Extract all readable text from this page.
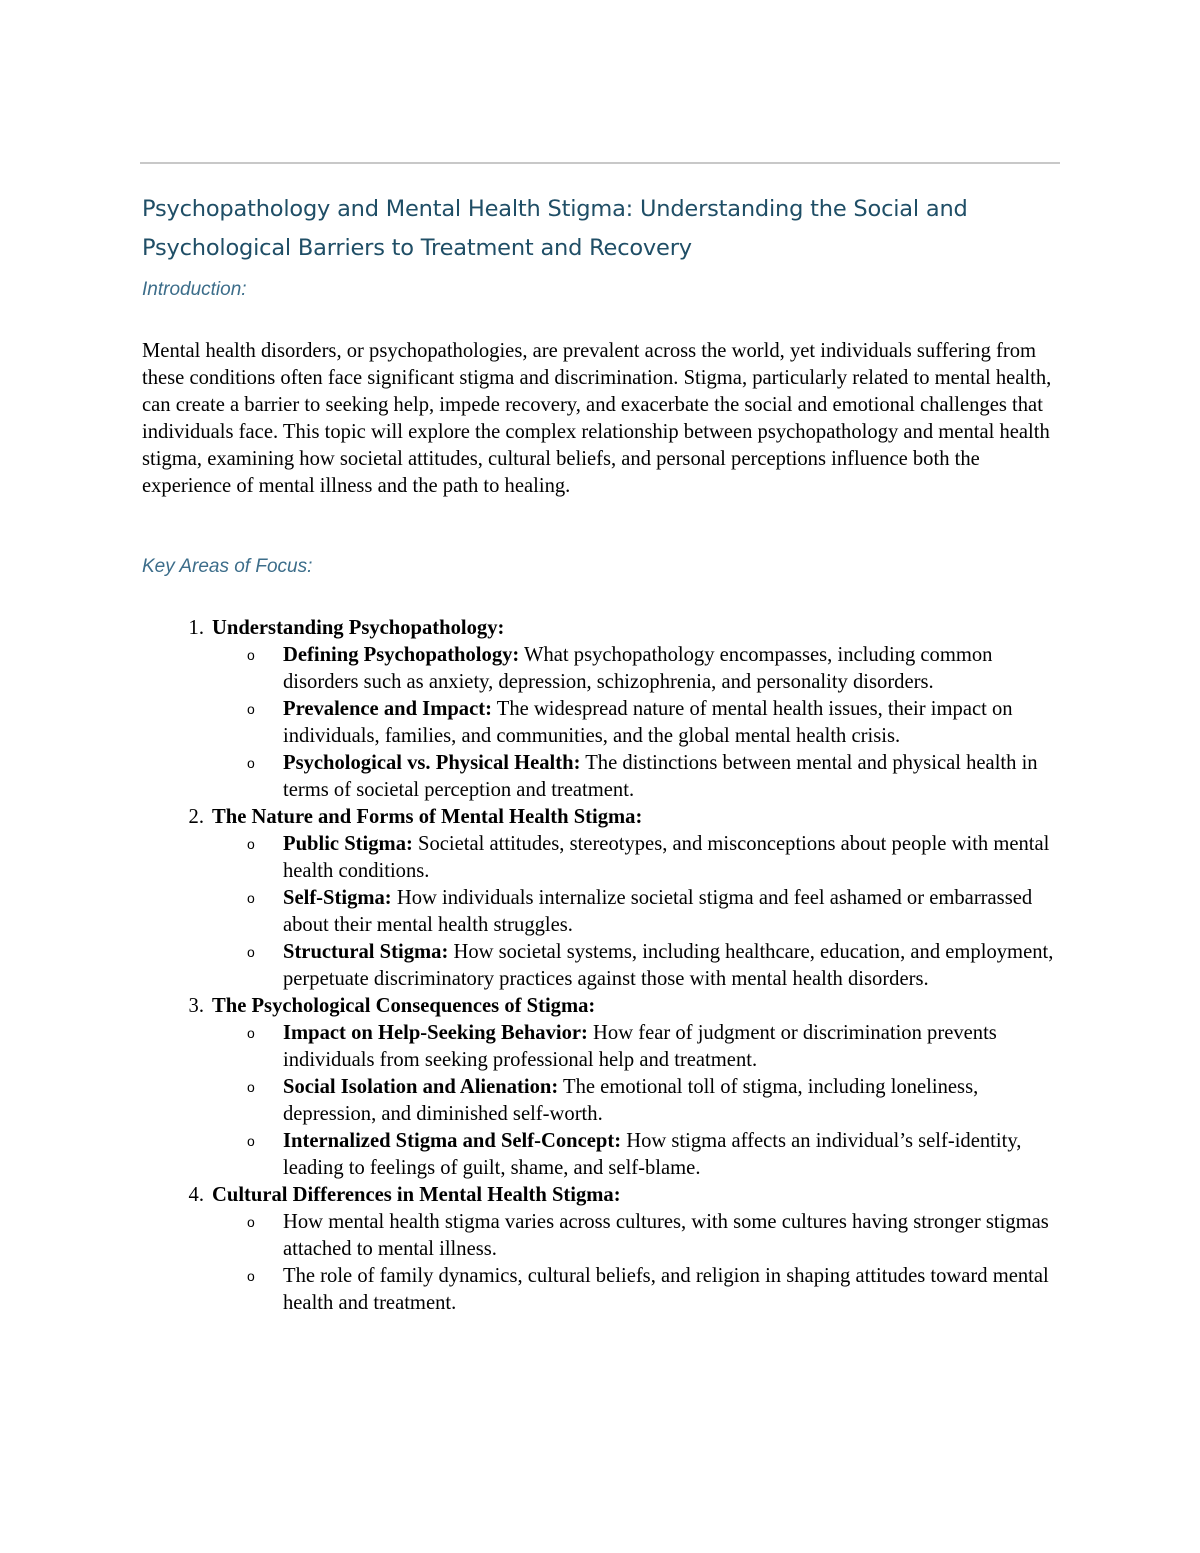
Psychopathology and Mental Health Stigma: Understanding the Social and Psychological Barriers to Treatment and Recovery

Introduction:

Mental health disorders, or psychopathologies, are prevalent across the world, yet individuals suffering from these conditions often face significant stigma and discrimination. Stigma, particularly related to mental health, can create a barrier to seeking help, impede recovery, and exacerbate the social and emotional challenges that individuals face. This topic will explore the complex relationship between psychopathology and mental health stigma, examining how societal attitudes, cultural beliefs, and personal perceptions influence both the experience of mental illness and the path to healing.

Key Areas of Focus:

1. Understanding Psychopathology:
o Defining Psychopathology: What psychopathology encompasses, including common disorders such as anxiety, depression, schizophrenia, and personality disorders.
o Prevalence and Impact: The widespread nature of mental health issues, their impact on individuals, families, and communities, and the global mental health crisis.
o Psychological vs. Physical Health: The distinctions between mental and physical health in terms of societal perception and treatment.
2. The Nature and Forms of Mental Health Stigma:
o Public Stigma: Societal attitudes, stereotypes, and misconceptions about people with mental health conditions.
o Self-Stigma: How individuals internalize societal stigma and feel ashamed or embarrassed about their mental health struggles.
o Structural Stigma: How societal systems, including healthcare, education, and employment, perpetuate discriminatory practices against those with mental health disorders.
3. The Psychological Consequences of Stigma:
o Impact on Help-Seeking Behavior: How fear of judgment or discrimination prevents individuals from seeking professional help and treatment.
o Social Isolation and Alienation: The emotional toll of stigma, including loneliness, depression, and diminished self-worth.
o Internalized Stigma and Self-Concept: How stigma affects an individual’s self-identity, leading to feelings of guilt, shame, and self-blame.
4. Cultural Differences in Mental Health Stigma:
o How mental health stigma varies across cultures, with some cultures having stronger stigmas attached to mental illness.
o The role of family dynamics, cultural beliefs, and religion in shaping attitudes toward mental health and treatment.
